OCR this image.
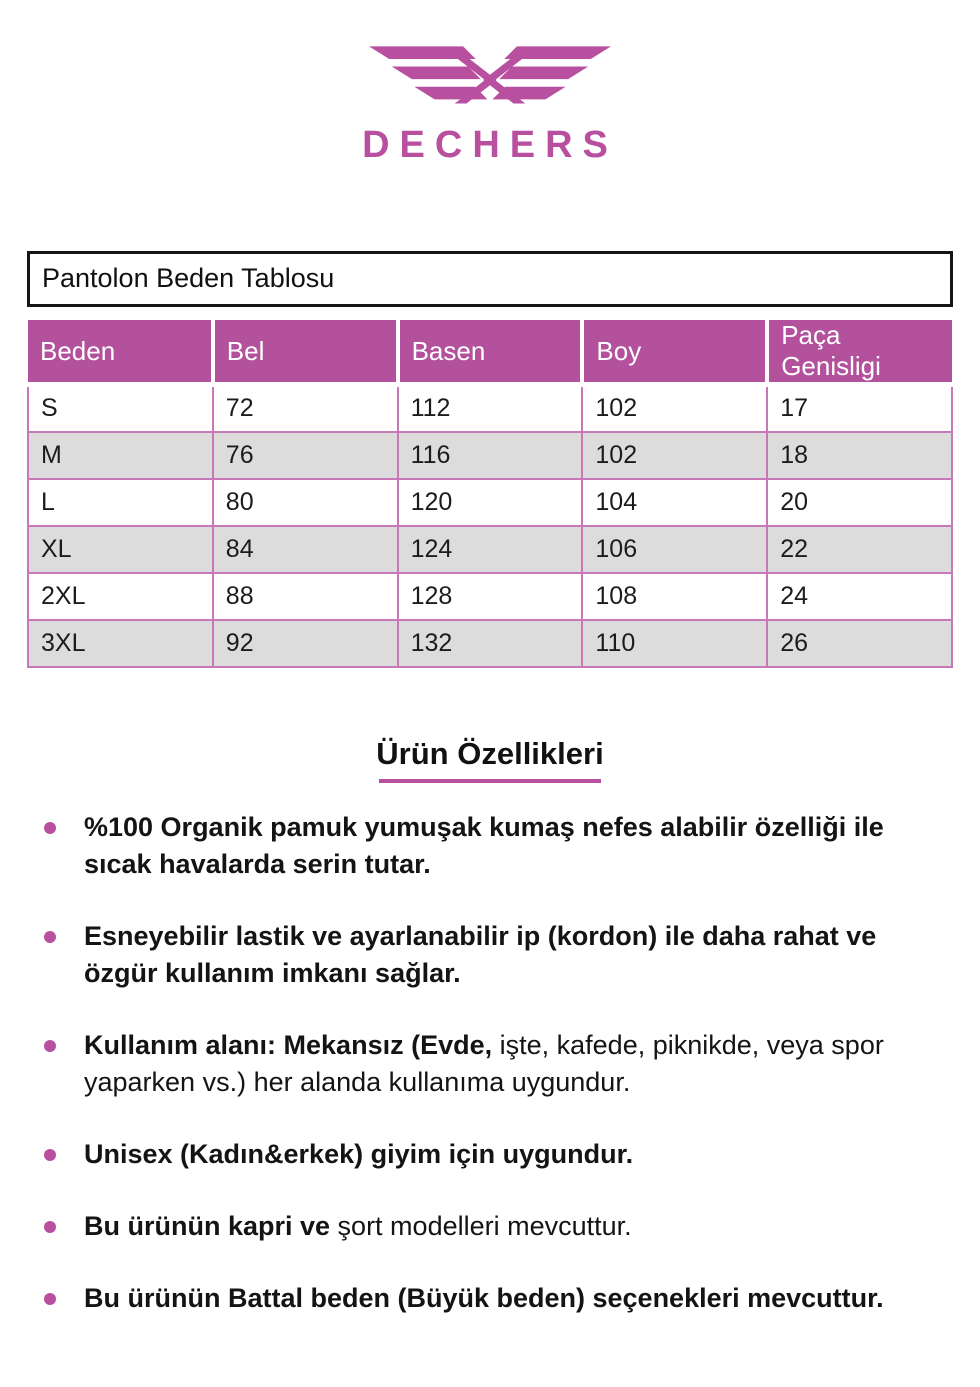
DECHERS
Pantolon Beden Tablosu
Beden	Bel	Basen	Boy	Paça Genisligi
S	72	112	102	17
M	76	116	102	18
L	80	120	104	20
XL	84	124	106	22
2XL	88	128	108	24
3XL	92	132	110	26
Ürün Özellikleri

%100 Organik pamuk yumuşak kumaş nefes alabilir özelliği ile sıcak havalarda serin tutar.

Esneyebilir lastik ve ayarlanabilir ip (kordon) ile daha rahat ve özgür kullanım imkanı sağlar.

Kullanım alanı: Mekansız (Evde, işte, kafede, piknikde, veya spor yaparken vs.) her alanda kullanıma uygundur.

Unisex (Kadın&erkek) giyim için uygundur.

Bu ürünün kapri ve şort modelleri mevcuttur.

Bu ürünün Battal beden (Büyük beden) seçenekleri mevcuttur.
